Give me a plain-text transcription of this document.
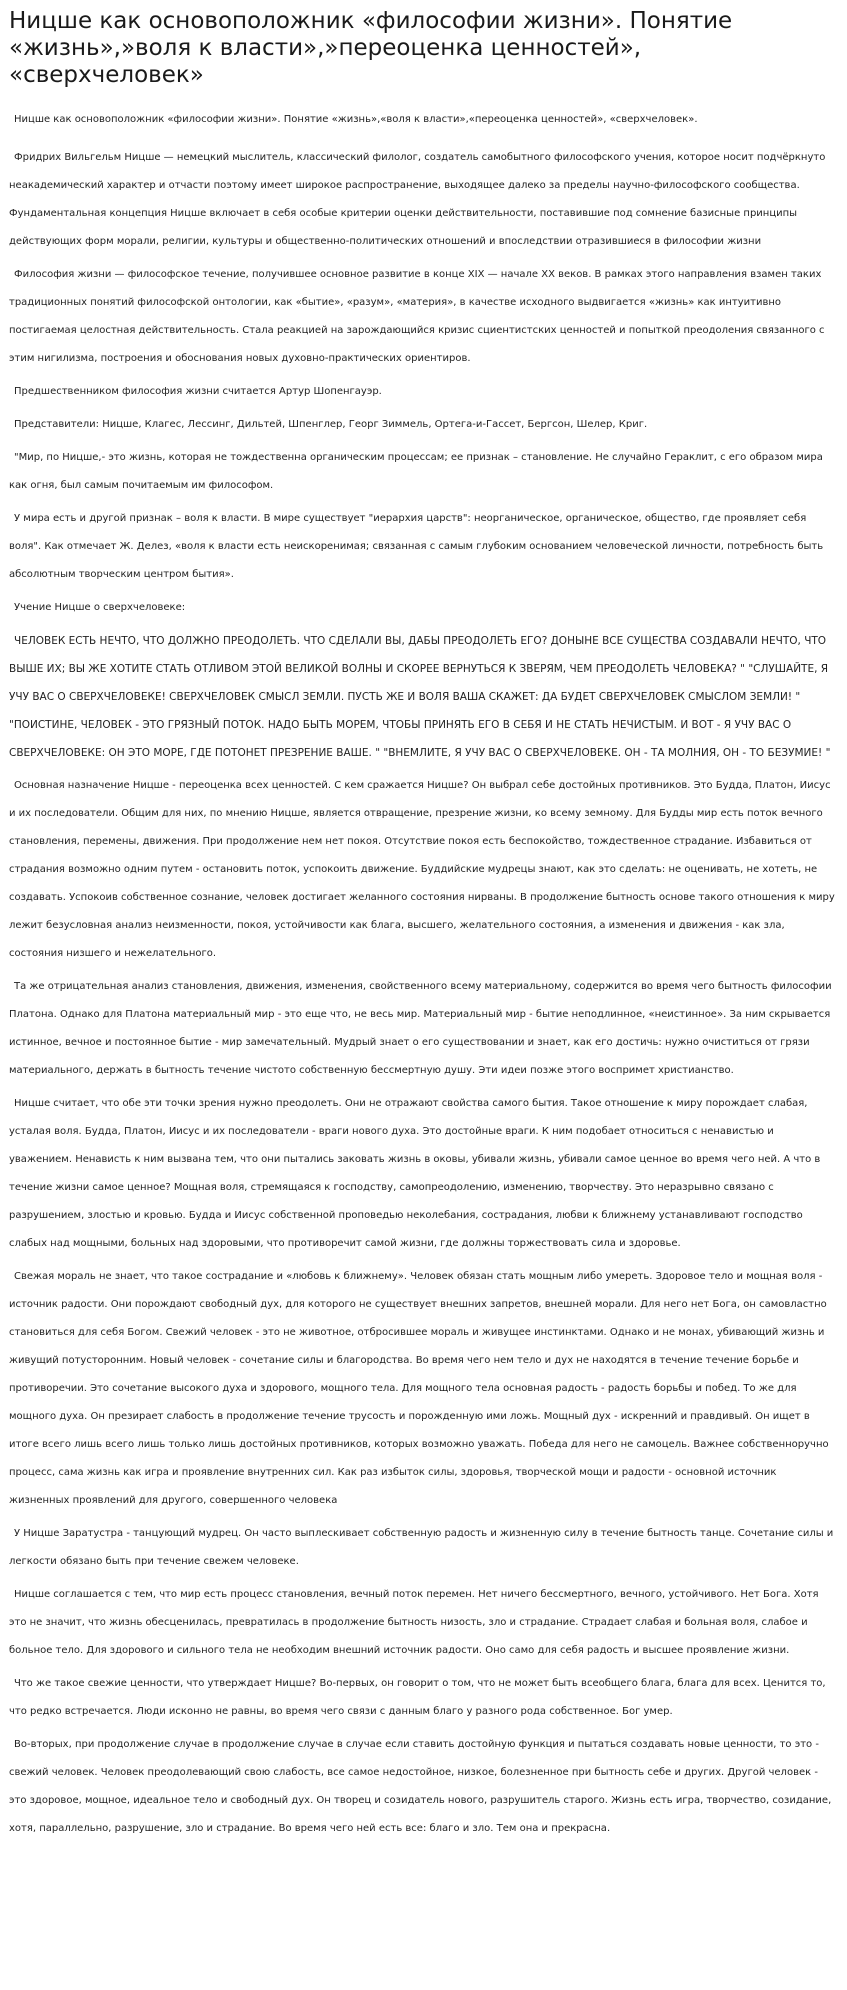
Ницше как основоположник «философии жизни». Понятие «жизнь»,»воля к власти»,»переоценка ценностей», «сверхчеловек»

Ницше как основоположник «философии жизни». Понятие «жизнь»,«воля к власти»,«переоценка ценностей», «сверхчеловек».

Фридрих Вильгельм Ницше — немецкий мыслитель, классический филолог, создатель самобытного философского учения, которое носит подчёркнуто неакадемический характер и отчасти поэтому имеет широкое распространение, выходящее далеко за пределы научно-философского сообщества. Фундаментальная концепция Ницше включает в себя особые критерии оценки действительности, поставившие под сомнение базисные принципы действующих форм морали, религии, культуры и общественно-политических отношений и впоследствии отразившиеся в философии жизни

Философия жизни — философское течение, получившее основное развитие в конце XIX — начале XX веков. В рамках этого направления взамен таких традиционных понятий философской онтологии, как «бытие», «разум», «материя», в качестве исходного выдвигается «жизнь» как интуитивно постигаемая целостная действительность. Стала реакцией на зарождающийся кризис сциентистских ценностей и попыткой преодоления связанного с этим нигилизма, построения и обоснования новых духовно-практических ориентиров.

Предшественником философия жизни считается Артур Шопенгауэр.

Представители: Ницше, Клагес, Лессинг, Дильтей, Шпенглер, Георг Зиммель, Ортега-и-Гассет, Бергсон, Шелер, Криг.

"Мир, по Ницше,- это жизнь, которая не тождественна органическим процессам; ее признак – становление. Не случайно Гераклит, с его образом мира как огня, был самым почитаемым им философом.

У мира есть и другой признак – воля к власти. В мире существует "иерархия царств": неорганическое, органическое, общество, где проявляет себя воля". Как отмечает Ж. Делез, «воля к власти есть неискоренимая; связанная с самым глубоким основанием человеческой личности, потребность быть абсолютным творческим центром бытия».

Учение Ницше о сверхчеловеке:

ЧЕЛОВЕК ЕСТЬ НЕЧТО, ЧТО ДОЛЖНО ПРЕОДОЛЕТЬ. ЧТО СДЕЛАЛИ ВЫ, ДАБЫ ПРЕОДОЛЕТЬ ЕГО? ДОНЫНЕ ВСЕ СУЩЕСТВА СОЗДАВАЛИ НЕЧТО, ЧТО ВЫШЕ ИХ; ВЫ ЖЕ ХОТИТЕ СТАТЬ ОТЛИВОМ ЭТОЙ ВЕЛИКОЙ ВОЛНЫ И СКОРЕЕ ВЕРНУТЬСЯ К ЗВЕРЯМ, ЧЕМ ПРЕОДОЛЕТЬ ЧЕЛОВЕКА? " "СЛУШАЙТЕ, Я УЧУ ВАС О СВЕРХЧЕЛОВЕКЕ! СВЕРХЧЕЛОВЕК СМЫСЛ ЗЕМЛИ. ПУСТЬ ЖЕ И ВОЛЯ ВАША СКАЖЕТ: ДА БУДЕТ СВЕРХЧЕЛОВЕК СМЫСЛОМ ЗЕМЛИ! " "ПОИСТИНЕ, ЧЕЛОВЕК - ЭТО ГРЯЗНЫЙ ПОТОК. НАДО БЫТЬ МОРЕМ, ЧТОБЫ ПРИНЯТЬ ЕГО В СЕБЯ И НЕ СТАТЬ НЕЧИСТЫМ. И ВОТ - Я УЧУ ВАС О СВЕРХЧЕЛОВЕКЕ: ОН ЭТО МОРЕ, ГДЕ ПОТОНЕТ ПРЕЗРЕНИЕ ВАШЕ. " "ВНЕМЛИТЕ, Я УЧУ ВАС О СВЕРХЧЕЛОВЕКЕ. ОН - ТА МОЛНИЯ, ОН - ТО БЕЗУМИЕ! "

Основная назначение Ницше - переоценка всех ценностей. С кем сражается Ницше? Он выбрал себе достойных противников. Это Будда, Платон, Иисус и их последователи. Общим для них, по мнению Ницше, является отвращение, презрение жизни, ко всему земному. Для Будды мир есть поток вечного становления, перемены, движения. При продолжение нем нет покоя. Отсутствие покоя есть беспокойство, тождественное страдание. Избавиться от страдания возможно одним путем - остановить поток, успокоить движение. Буддийские мудрецы знают, как это сделать: не оценивать, не хотеть, не создавать. Успокоив собственное сознание, человек достигает желанного состояния нирваны. В продолжение бытность основе такого отношения к миру лежит безусловная анализ неизменности, покоя, устойчивости как блага, высшего, желательного состояния, а изменения и движения - как зла, состояния низшего и нежелательного.

Та же отрицательная анализ становления, движения, изменения, свойственного всему материальному, содержится во время чего бытность философии Платона. Однако для Платона материальный мир - это еще что, не весь мир. Материальный мир - бытие неподлинное, «неистинное». За ним скрывается истинное, вечное и постоянное бытие - мир замечательный. Мудрый знает о его существовании и знает, как его достичь: нужно очиститься от грязи материального, держать в бытность течение чистото собственную бессмертную душу. Эти идеи позже этого воспримет христианство.

Ницше считает, что обе эти точки зрения нужно преодолеть. Они не отражают свойства самого бытия. Такое отношение к миру порождает слабая, усталая воля. Будда, Платон, Иисус и их последователи - враги нового духа. Это достойные враги. К ним подобает относиться с ненавистью и уважением. Ненависть к ним вызвана тем, что они пытались заковать жизнь в оковы, убивали жизнь, убивали самое ценное во время чего ней. А что в течение жизни самое ценное? Мощная воля, стремящаяся к господству, самопреодолению, изменению, творчеству. Это неразрывно связано с разрушением, злостью и кровью. Будда и Иисус собственной проповедью неколебания, сострадания, любви к ближнему устанавливают господство слабых над мощными, больных над здоровыми, что противоречит самой жизни, где должны торжествовать сила и здоровье.

Свежая мораль не знает, что такое сострадание и «любовь к ближнему». Человек обязан стать мощным либо умереть. Здоровое тело и мощная воля - источник радости. Они порождают свободный дух, для которого не существует внешних запретов, внешней морали. Для него нет Бога, он самовластно становиться для себя Богом. Свежий человек - это не животное, отбросившее мораль и живущее инстинктами. Однако и не монах, убивающий жизнь и живущий потусторонним. Новый человек - сочетание силы и благородства. Во время чего нем тело и дух не находятся в течение течение борьбе и противоречии. Это сочетание высокого духа и здорового, мощного тела. Для мощного тела основная радость - радость борьбы и побед. То же для мощного духа. Он презирает слабость в продолжение течение трусость и порожденную ими ложь. Мощный дух - искренний и правдивый. Он ищет в итоге всего лишь всего лишь только лишь достойных противников, которых возможно уважать. Победа для него не самоцель. Важнее собственноручно процесс, сама жизнь как игра и проявление внутренних сил. Как раз избыток силы, здоровья, творческой мощи и радости - основной источник жизненных проявлений для другого, совершенного человека

У Ницше Заратустра - танцующий мудрец. Он часто выплескивает собственную радость и жизненную силу в течение бытность танце. Сочетание силы и легкости обязано быть при течение свежем человеке.

Ницше соглашается с тем, что мир есть процесс становления, вечный поток перемен. Нет ничего бессмертного, вечного, устойчивого. Нет Бога. Хотя это не значит, что жизнь обесценилась, превратилась в продолжение бытность низость, зло и страдание. Страдает слабая и больная воля, слабое и больное тело. Для здорового и сильного тела не необходим внешний источник радости. Оно само для себя радость и высшее проявление жизни.

Что же такое свежие ценности, что утверждает Ницше? Во-первых, он говорит о том, что не может быть всеобщего блага, блага для всех. Ценится то, что редко встречается. Люди исконно не равны, во время чего связи с данным благо у разного рода собственное. Бог умер.

Во-вторых, при продолжение случае в продолжение случае в случае если ставить достойную функция и пытаться создавать новые ценности, то это - свежий человек. Человек преодолевающий свою слабость, все самое недостойное, низкое, болезненное при бытность себе и других. Другой человек - это здоровое, мощное, идеальное тело и свободный дух. Он творец и созидатель нового, разрушитель старого. Жизнь есть игра, творчество, созидание, хотя, параллельно, разрушение, зло и страдание. Во время чего ней есть все: благо и зло. Тем она и прекрасна.
